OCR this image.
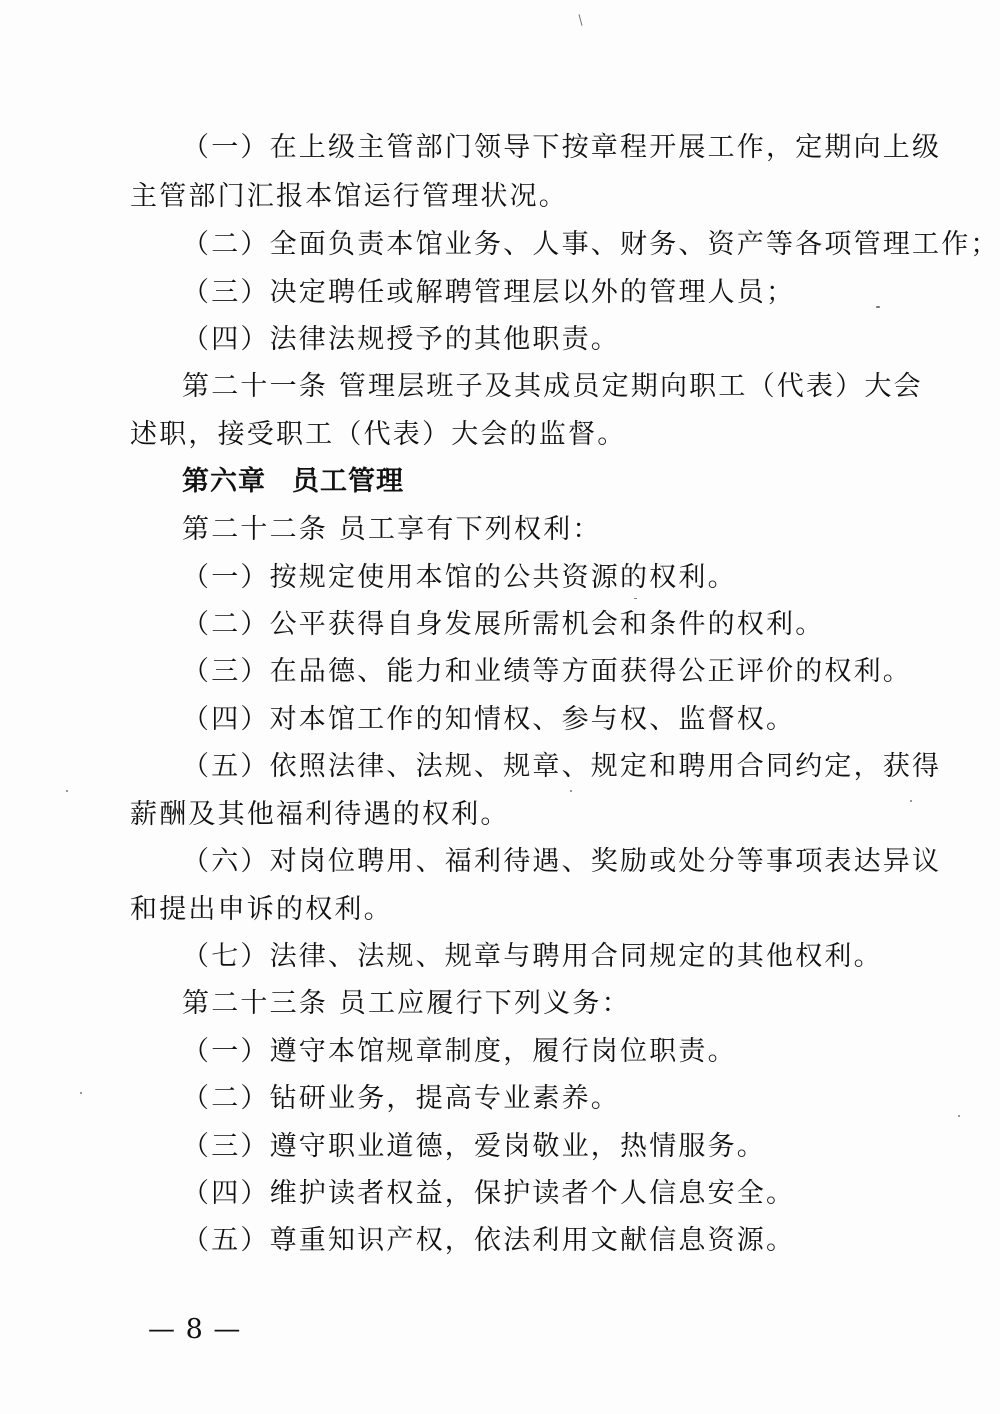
（一）在上级主管部门领导下按章程开展工作，定期向上级
主管部门汇报本馆运行管理状况。
（二）全面负责本馆业务、人事、财务、资产等各项管理工作；
（三）决定聘任或解聘管理层以外的管理人员；
（四）法律法规授予的其他职责。
第二十一条 管理层班子及其成员定期向职工（代表）大会
述职，接受职工（代表）大会的监督。
第六章 员工管理
第二十二条 员工享有下列权利：
（一）按规定使用本馆的公共资源的权利。
（二）公平获得自身发展所需机会和条件的权利。
（三）在品德、能力和业绩等方面获得公正评价的权利。
（四）对本馆工作的知情权、参与权、监督权。
（五）依照法律、法规、规章、规定和聘用合同约定，获得
薪酬及其他福利待遇的权利。
（六）对岗位聘用、福利待遇、奖励或处分等事项表达异议
和提出申诉的权利。
（七）法律、法规、规章与聘用合同规定的其他权利。
第二十三条 员工应履行下列义务：
（一）遵守本馆规章制度，履行岗位职责。
（二）钻研业务，提高专业素养。
（三）遵守职业道德，爱岗敬业，热情服务。
（四）维护读者权益，保护读者个人信息安全。
（五）尊重知识产权，依法利用文献信息资源。
— 8 —
